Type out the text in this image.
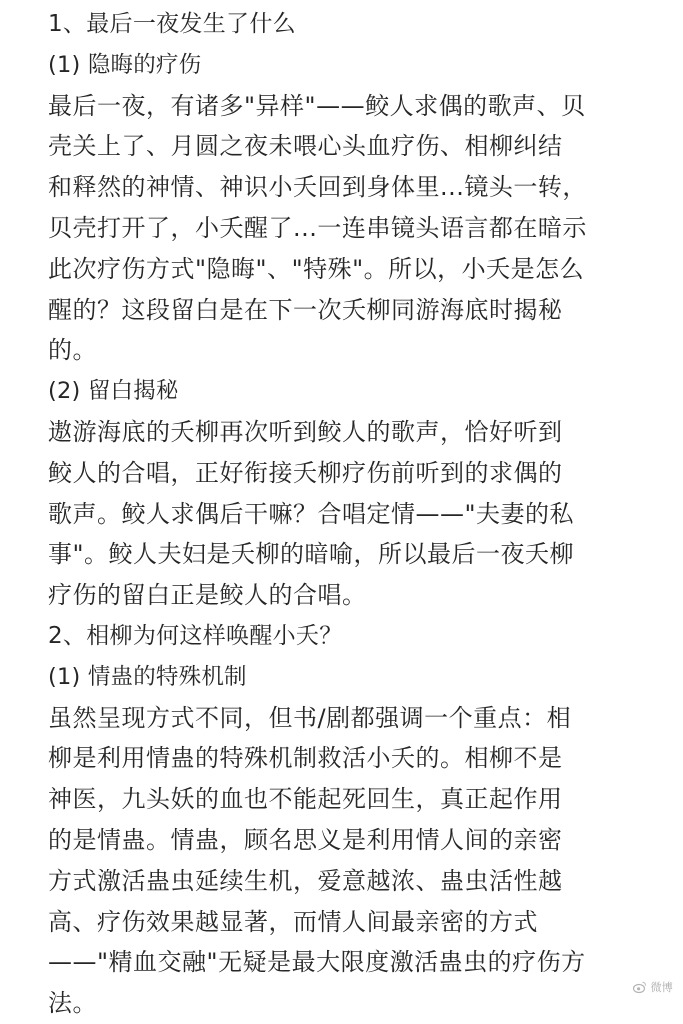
1、最后一夜发生了什么
(1) 隐晦的疗伤
最后一夜，有诸多"异样"——鲛人求偶的歌声、贝
壳关上了、月圆之夜未喂心头血疗伤、相柳纠结
和释然的神情、神识小夭回到身体里...镜头一转，
贝壳打开了，小夭醒了...一连串镜头语言都在暗示
此次疗伤方式"隐晦"、"特殊"。所以，小夭是怎么
醒的？这段留白是在下一次夭柳同游海底时揭秘
的。
(2) 留白揭秘
遨游海底的夭柳再次听到鲛人的歌声，恰好听到
鲛人的合唱，正好衔接夭柳疗伤前听到的求偶的
歌声。鲛人求偶后干嘛？合唱定情——"夫妻的私
事"。鲛人夫妇是夭柳的暗喻，所以最后一夜夭柳
疗伤的留白正是鲛人的合唱。
2、相柳为何这样唤醒小夭？
(1) 情蛊的特殊机制
虽然呈现方式不同，但书/剧都强调一个重点：相
柳是利用情蛊的特殊机制救活小夭的。相柳不是
神医，九头妖的血也不能起死回生，真正起作用
的是情蛊。情蛊，顾名思义是利用情人间的亲密
方式激活蛊虫延续生机，爱意越浓、蛊虫活性越
高、疗伤效果越显著，而情人间最亲密的方式
——"精血交融"无疑是最大限度激活蛊虫的疗伤方
法。
微博
